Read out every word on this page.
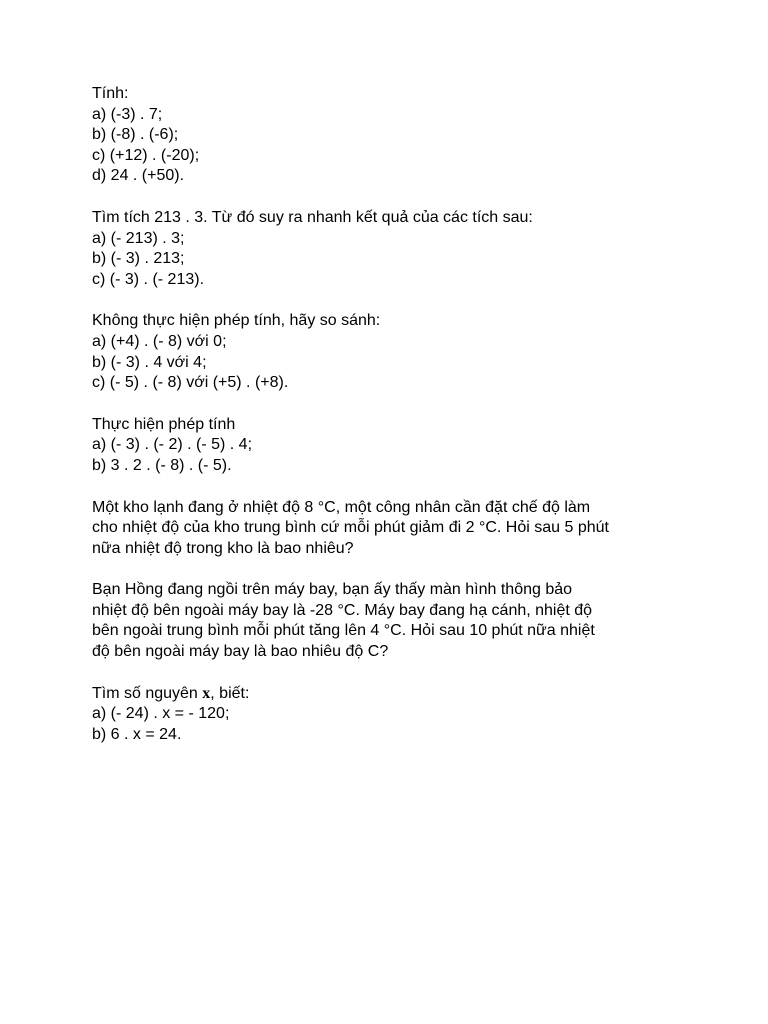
Tính:
a) (-3) . 7;
b) (-8) . (-6);
c) (+12) . (-20);
d) 24 . (+50).
Tìm tích 213 . 3. Từ đó suy ra nhanh kết quả của các tích sau:
a) (- 213) . 3;
b) (- 3) . 213;
c) (- 3) . (- 213).
Không thực hiện phép tính, hãy so sánh:
a) (+4) . (- 8) với 0;
b) (- 3) . 4 với 4;
c) (- 5) . (- 8) với (+5) . (+8).
Thực hiện phép tính
a) (- 3) . (- 2) . (- 5) . 4;
b) 3 . 2 . (- 8) . (- 5).
Một kho lạnh đang ở nhiệt độ 8 °C, một công nhân cần đặt chế độ làm
cho nhiệt độ của kho trung bình cứ mỗi phút giảm đi 2 °C. Hỏi sau 5 phút
nữa nhiệt độ trong kho là bao nhiêu?
Bạn Hồng đang ngồi trên máy bay, bạn ấy thấy màn hình thông bảo
nhiệt độ bên ngoài máy bay là -28 °C. Máy bay đang hạ cánh, nhiệt độ
bên ngoài trung bình mỗi phút tăng lên 4 °C. Hỏi sau 10 phút nữa nhiệt
độ bên ngoài máy bay là bao nhiêu độ C?
Tìm số nguyên x, biết:
a) (- 24) . x = - 120;
b) 6 . x = 24.
